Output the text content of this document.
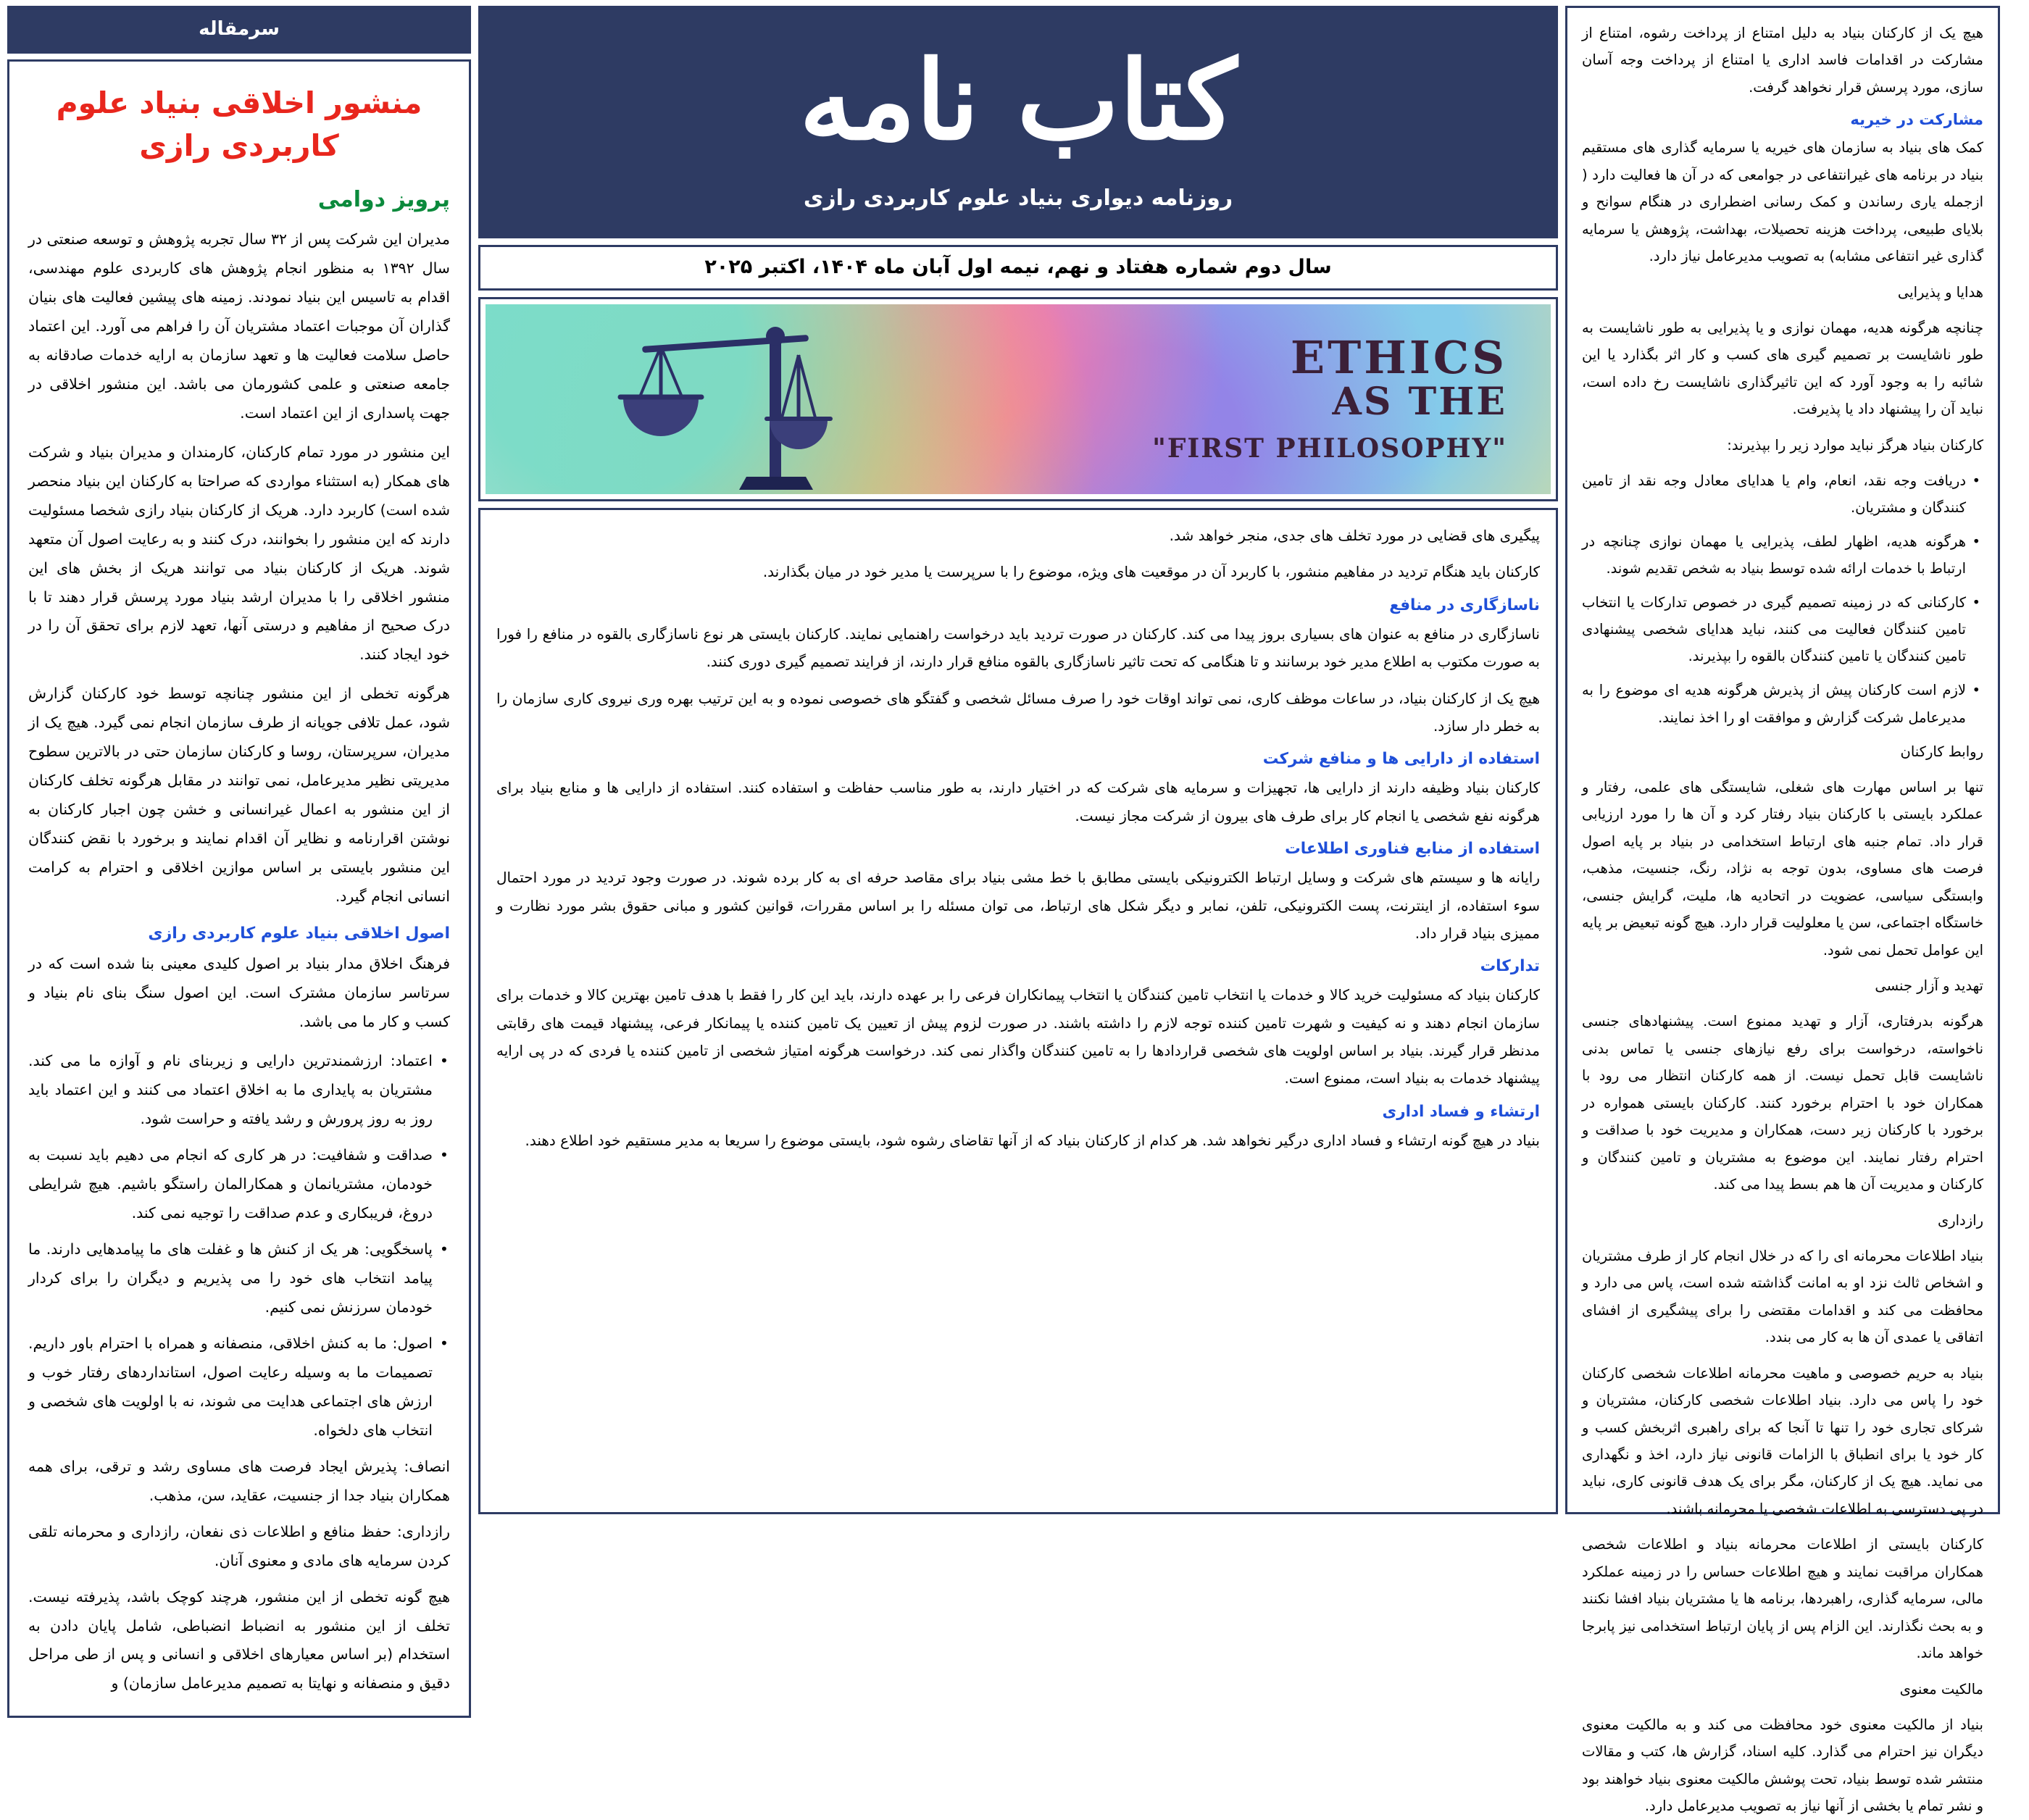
سرمقاله
منشور اخلاقی بنیاد علوم کاربردی رازی
پرویز دوامی

مدیران این شرکت پس از ۳۲ سال تجربه پژوهش و توسعه صنعتی در سال ۱۳۹۲ به منظور انجام پژوهش های کاربردی علوم مهندسی، اقدام به تاسیس این بنیاد نمودند. زمینه های پیشین فعالیت های بنیان گذاران آن موجبات اعتماد مشتریان آن را فراهم می آورد. این اعتماد حاصل سلامت فعالیت ها و تعهد سازمان به ارایه خدمات صادقانه به جامعه صنعتی و علمی کشورمان می باشد. این منشور اخلاقی در جهت پاسداری از این اعتماد است.

این منشور در مورد تمام کارکنان، کارمندان و مدیران بنیاد و شرکت های همکار (به استثناء مواردی که صراحتا به کارکنان این بنیاد منحصر شده است) کاربرد دارد. هریک از کارکنان بنیاد رازی شخصا مسئولیت دارند که این منشور را بخوانند، درک کنند و به رعایت اصول آن متعهد شوند. هریک از کارکنان بنیاد می توانند هریک از بخش های این منشور اخلاقی را با مدیران ارشد بنیاد مورد پرسش قرار دهند تا با درک صحیح از مفاهیم و درستی آنها، تعهد لازم برای تحقق آن را در خود ایجاد کنند.

هرگونه تخطی از این منشور چنانچه توسط خود کارکنان گزارش شود، عمل تلافی جویانه از طرف سازمان انجام نمی گیرد. هیچ یک از مدیران، سرپرستان، روسا و کارکنان سازمان حتی در بالاترین سطوح مدیریتی نظیر مدیرعامل، نمی توانند در مقابل هرگونه تخلف کارکنان از این منشور به اعمال غیرانسانی و خشن چون اجبار کارکنان به نوشتن اقرارنامه و نظایر آن اقدام نمایند و برخورد با نقض کنندگان این منشور بایستی بر اساس موازین اخلاقی و احترام به کرامت انسانی انجام گیرد.

اصول اخلاقی بنیاد علوم کاربردی رازی

فرهنگ اخلاق مدار بنیاد بر اصول کلیدی معینی بنا شده است که در سرتاسر سازمان مشترک است. این اصول سنگ بنای نام بنیاد و کسب و کار ما می باشد.

• اعتماد: ارزشمندترین دارایی و زیربنای نام و آوازه ما می کند. مشتریان به پایداری ما به اخلاق اعتماد می کنند و این اعتماد باید روز به روز پرورش و رشد یافته و حراست شود.

• صداقت و شفافیت: در هر کاری که انجام می دهیم باید نسبت به خودمان، مشتریانمان و همکارالمان راستگو باشیم. هیچ شرایطی دروغ، فریبکاری و عدم صداقت را توجیه نمی کند.

• پاسخگویی: هر یک از کنش ها و غفلت های ما پیامدهایی دارند. ما پیامد انتخاب های خود را می پذیریم و دیگران را برای کردار خودمان سرزنش نمی کنیم.

• اصول: ما به کنش اخلاقی، منصفانه و همراه با احترام باور داریم. تصمیمات ما به وسیله رعایت اصول، استانداردهای رفتار خوب و ارزش های اجتماعی هدایت می شوند، نه با اولویت های شخصی و انتخاب های دلخواه.

انصاف: پذیرش ایجاد فرصت های مساوی رشد و ترقی، برای همه همکاران بنیاد جدا از جنسیت، عقاید، سن، مذهب.

رازداری: حفظ منافع و اطلاعات ذی نفعان، رازداری و محرمانه تلقی کردن سرمایه های مادی و معنوی آنان.

هیچ گونه تخطی از این منشور، هرچند کوچک باشد، پذیرفته نیست. تخلف از این منشور به انضباط انضباطی، شامل پایان دادن به استخدام (بر اساس معیارهای اخلاقی و انسانی و پس از طی مراحل دقیق و منصفانه و نهایتا به تصمیم مدیرعامل سازمان) و

کتاب نامه
روزنامه دیواری بنیاد علوم کاربردی رازی
سال دوم شماره هفتاد و نهم، نیمه اول آبان ماه ۱۴۰۴، اکتبر ۲۰۲۵
ETHICS
AS THE
"FIRST PHILOSOPHY"

پیگیری های قضایی در مورد تخلف های جدی، منجر خواهد شد.

کارکنان باید هنگام تردید در مفاهیم منشور، با کاربرد آن در موقعیت های ویژه، موضوع را با سرپرست یا مدیر خود در میان بگذارند.

ناسازگاری در منافع

ناسازگاری در منافع به عنوان های بسیاری بروز پیدا می کند. کارکنان در صورت تردید باید درخواست راهنمایی نمایند. کارکنان بایستی هر نوع ناسازگاری بالقوه در منافع را فورا به صورت مکتوب به اطلاع مدیر خود برسانند و تا هنگامی که تحت تاثیر ناسازگاری بالقوه منافع قرار دارند، از فرایند تصمیم گیری دوری کنند.

هیچ یک از کارکنان بنیاد، در ساعات موظف کاری، نمی تواند اوقات خود را صرف مسائل شخصی و گفتگو های خصوصی نموده و به این ترتیب بهره وری نیروی کاری سازمان را به خطر دار سازد.

استفاده از دارایی ها و منافع شرکت

کارکنان بنیاد وظیفه دارند از دارایی ها، تجهیزات و سرمایه های شرکت که در اختیار دارند، به طور مناسب حفاظت و استفاده کنند. استفاده از دارایی ها و منابع بنیاد برای هرگونه نفع شخصی یا انجام کار برای طرف های بیرون از شرکت مجاز نیست.

استفاده از منابع فناوری اطلاعات

رایانه ها و سیستم های شرکت و وسایل ارتباط الکترونیکی بایستی مطابق با خط مشی بنیاد برای مقاصد حرفه ای به کار برده شوند. در صورت وجود تردید در مورد احتمال سوء استفاده، از اینترنت، پست الکترونیکی، تلفن، نمابر و دیگر شکل های ارتباط، می توان مسئله را بر اساس مقررات، قوانین کشور و مبانی حقوق بشر مورد نظارت و ممیزی بنیاد قرار داد.

تدارکات

کارکنان بنیاد که مسئولیت خرید کالا و خدمات یا انتخاب تامین کنندگان یا انتخاب پیمانکاران فرعی را بر عهده دارند، باید این کار را فقط با هدف تامین بهترین کالا و خدمات برای سازمان انجام دهند و نه کیفیت و شهرت تامین کننده توجه لازم را داشته باشند. در صورت لزوم پیش از تعیین یک تامین کننده یا پیمانکار فرعی، پیشنهاد قیمت های رقابتی مدنظر قرار گیرند. بنیاد بر اساس اولویت های شخصی قراردادها را به تامین کنندگان واگذار نمی کند. درخواست هرگونه امتیاز شخصی از تامین کننده یا فردی که در پی ارایه پیشنهاد خدمات به بنیاد است، ممنوع است.

ارتشاء و فساد اداری

بنیاد در هیچ گونه ارتشاء و فساد اداری درگیر نخواهد شد. هر کدام از کارکنان بنیاد که از آنها تقاضای رشوه شود، بایستی موضوع را سریعا به مدیر مستقیم خود اطلاع دهند.

هیچ یک از کارکنان بنیاد به دلیل امتناع از پرداخت رشوه، امتناع از مشارکت در اقدامات فاسد اداری یا امتناع از پرداخت وجه آسان سازی، مورد پرسش قرار نخواهد گرفت.

مشارکت در خیریه

کمک های بنیاد به سازمان های خیریه یا سرمایه گذاری های مستقیم بنیاد در برنامه های غیرانتفاعی در جوامعی که در آن ها فعالیت دارد ( ازجمله یاری رساندن و کمک رسانی اضطراری در هنگام سوانح و بلایای طبیعی، پرداخت هزینه تحصیلات، بهداشت، پژوهش یا سرمایه گذاری غیر انتفاعی مشابه) به تصویب مدیرعامل نیاز دارد.

هدایا و پذیرایی

چنانچه هرگونه هدیه، مهمان نوازی و یا پذیرایی به طور ناشایست به طور ناشایست بر تصمیم گیری های کسب و کار اثر بگذارد یا این شائبه را به وجود آورد که این تاثیرگذاری ناشایست رخ داده است، نباید آن را پیشنهاد داد یا پذیرفت.

کارکنان بنیاد هرگز نباید موارد زیر را بپذیرند:

• دریافت وجه نقد، انعام، وام یا هدایای معادل وجه نقد از تامین کنندگان و مشتریان.

• هرگونه هدیه، اظهار لطف، پذیرایی یا مهمان نوازی چنانچه در ارتباط با خدمات ارائه شده توسط بنیاد به شخص تقدیم شوند.

• کارکنانی که در زمینه تصمیم گیری در خصوص تدارکات یا انتخاب تامین کنندگان فعالیت می کنند، نباید هدایای شخصی پیشنهادی تامین کنندگان یا تامین کنندگان بالقوه را بپذیرند.

• لازم است کارکنان پیش از پذیرش هرگونه هدیه ای موضوع را به مدیرعامل شرکت گزارش و موافقت او را اخذ نمایند.

روابط کارکنان

تنها بر اساس مهارت های شغلی، شایستگی های علمی، رفتار و عملکرد بایستی با کارکنان بنیاد رفتار کرد و آن ها را مورد ارزیابی قرار داد. تمام جنبه های ارتباط استخدامی در بنیاد بر پایه اصول فرصت های مساوی، بدون توجه به نژاد، رنگ، جنسیت، مذهب، وابستگی سیاسی، عضویت در اتحادیه ها، ملیت، گرایش جنسی، خاستگاه اجتماعی، سن یا معلولیت قرار دارد. هیچ گونه تبعیض بر پایه این عوامل تحمل نمی شود.

تهدید و آزار جنسی

هرگونه بدرفتاری، آزار و تهدید ممنوع است. پیشنهادهای جنسی ناخواسته، درخواست برای رفع نیازهای جنسی یا تماس بدنی ناشایست قابل تحمل نیست. از همه کارکنان انتظار می رود با همکاران خود با احترام برخورد کنند. کارکنان بایستی همواره در برخورد با کارکنان زیر دست، همکاران و مدیریت خود با صداقت و احترام رفتار نمایند. این موضوع به مشتریان و تامین کنندگان و کارکنان و مدیریت آن ها هم بسط پیدا می کند.

رازداری

بنیاد اطلاعات محرمانه ای را که در خلال انجام کار از طرف مشتریان و اشخاص ثالث نزد او به امانت گذاشته شده است، پاس می دارد و محافظت می کند و اقدامات مقتضی را برای پیشگیری از افشای اتفاقی یا عمدی آن ها به کار می بندد.

بنیاد به حریم خصوصی و ماهیت محرمانه اطلاعات شخصی کارکنان خود را پاس می دارد. بنیاد اطلاعات شخصی کارکنان، مشتریان و شرکای تجاری خود را تنها تا آنجا که برای راهبری اثربخش کسب و کار خود یا برای انطباق با الزامات قانونی نیاز دارد، اخذ و نگهداری می نماید. هیچ یک از کارکنان، مگر برای یک هدف قانونی کاری، نباید در پی دسترسی به اطلاعات شخصی یا محرمانه باشند.

کارکنان بایستی از اطلاعات محرمانه بنیاد و اطلاعات شخصی همکاران مراقبت نمایند و هیچ اطلاعات حساس را در زمینه عملکرد مالی، سرمایه گذاری، راهبردها، برنامه ها یا مشتریان بنیاد افشا نکنند و به بحث نگذارند. این الزام پس از پایان ارتباط استخدامی نیز پابرجا خواهد ماند.

مالکیت معنوی

بنیاد از مالکیت معنوی خود محافظت می کند و به مالکیت معنوی دیگران نیز احترام می گذارد. کلیه اسناد، گزارش ها، کتب و مقالات منتشر شده توسط بنیاد، تحت پوشش مالکیت معنوی بنیاد خواهند بود و نشر تمام یا بخشی از آنها نیاز به تصویب مدیرعامل دارد.
